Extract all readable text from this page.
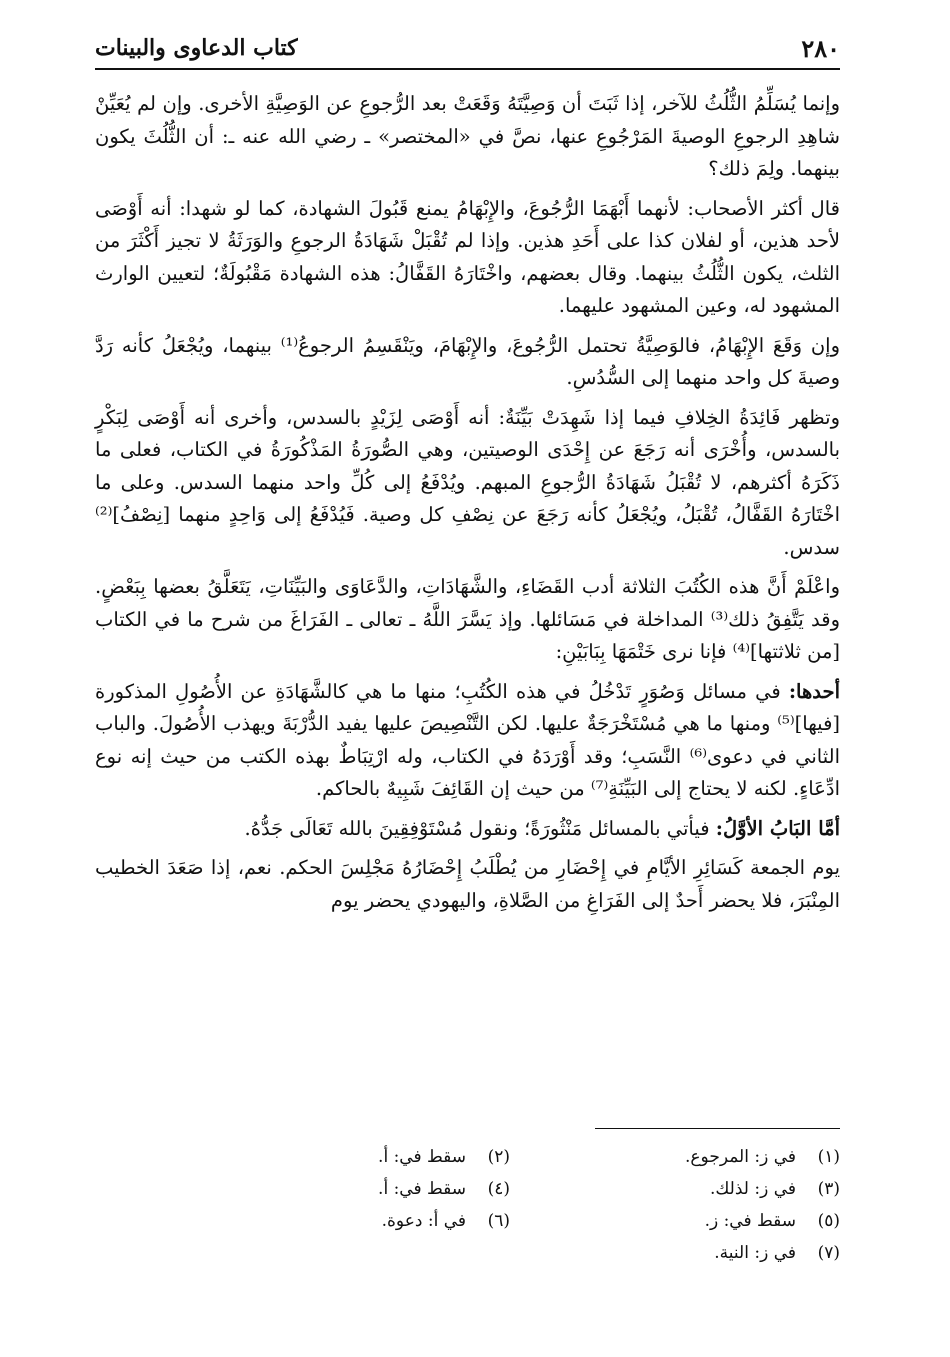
٢٨٠
كتاب الدعاوى والبينات

وإنما يُسَلِّمُ الثُّلُثُ للآخر، إذا ثَبَتَ أن وَصِيَّتَهُ وَقَعَتْ بعد الرُّجوعِ عن الوَصِيَّةِ الأخرى. وإن لم يُعَيِّنْ شاهِدِ الرجوعِ الوصيةَ المَرْجُوعِ عنها، نصَّ في «المختصر» ـ رضي الله عنه ـ: أن الثُّلُثَ يكون بينهما. ولِمَ ذلك؟

قال أكثر الأصحاب: لأنهما أَبْهَمَا الرُّجُوعَ، والإِبْهَامُ يمنع قَبُولَ الشهادة، كما لو شهدا: أنه أَوْصَى لأحد هذين، أو لفلان كذا على أَحَدِ هذين. وإذا لم تُقْبَلْ شَهَادَةُ الرجوعِ والوَرَثَةُ لا تجيز أَكْثَرَ من الثلث، يكون الثُّلُثُ بينهما. وقال بعضهم، واخْتَارَهُ القَفَّالُ: هذه الشهادة مَقْبُولَةٌ؛ لتعيين الوارث المشهود له، وعين المشهود عليهما.

وإن وَقَعَ الإِبْهَامُ، فالوَصِيَّةُ تحتمل الرُّجُوعَ، والإِبْهَامَ، ويَنْقَسِمُ الرجوعُ⁽¹⁾ بينهما، ويُجْعَلُ كأنه رَدَّ وصيةَ كل واحد منهما إلى السُّدُسِ.

وتظهر فَائِدَةُ الخِلافِ فيما إذا شَهِدَتْ بَيِّنَةٌ: أنه أَوْصَى لِزَيْدٍ بالسدس، وأخرى أنه أَوْصَى لِبَكْرٍ بالسدس، وأُخْرَى أنه رَجَعَ عن إِحْدَى الوصيتين، وهي الصُّورَةُ المَذْكُورَةُ في الكتاب، فعلى ما ذَكَرَهُ أكثرهم، لا تُقْبَلُ شَهَادَةُ الرُّجوعِ المبهم. ويُدْفَعُ إلى كُلِّ واحد منهما السدس. وعلى ما اخْتَارَهُ القَفَّالُ، تُقْبَلُ، ويُجْعَلُ كأنه رَجَعَ عن نِصْفِ كل وصية. فَيُدْفَعُ إلى وَاحِدٍ منهما [نِصْفُ]⁽²⁾ سدس.

واعْلَمْ أَنَّ هذه الكُتُبَ الثلاثة أدب القَضَاءِ، والشَّهَادَاتِ، والدَّعَاوَى والبَيِّنَاتِ، يَتَعَلَّقُ بعضها بِبَعْضٍ. وقد يَتَّفِقُ ذلك⁽³⁾ المداخلة في مَسَائلها. وإذ يَسَّرَ اللَّهُ ـ تعالى ـ الفَرَاغَ من شرح ما في الكتاب [من ثلاثتها]⁽⁴⁾ فإنا نرى خَتْمَهَا بِبَابَيْنِ:

أحدها: في مسائل وَصُوَرٍ تَدْخُلُ في هذه الكُتُبِ؛ منها ما هي كالشَّهَادَةِ عن الأُصُولِ المذكورة [فيها]⁽⁵⁾ ومنها ما هي مُسْتَخْرَجَةٌ عليها. لكن التَّنْصِيصَ عليها يفيد الدُّرْبَةَ ويهذب الأُصُولَ. والباب الثاني في دعوى⁽⁶⁾ النَّسَبِ؛ وقد أَوْرَدَهُ في الكتاب، وله ارْتِبَاطٌ بهذه الكتب من حيث إنه نوع ادِّعَاءٍ. لكنه لا يحتاج إلى البَيِّنَةِ⁽⁷⁾ من حيث إن القَائِفَ شَبِيهٌ بالحاكم.

أمَّا البَابُ الأوَّلُ: فيأتي بالمسائل مَنْثُورَةً؛ ونقول مُسْتَوْفِقِينَ بالله تَعَالَى جَدُّهُ.

يوم الجمعة كَسَائِرِ الأيَّامِ في إِحْضَارِ من يُطْلَبُ إِحْضَارُهُ مَجْلِسَ الحكم. نعم، إذا صَعَدَ الخطيب المِنْبَرَ، فلا يحضر أَحدٌ إلى الفَرَاغِ من الصَّلاةِ، واليهودي يحضر يوم

(١)
في ز: المرجوع.
(٢)
سقط في: أ.
(٣)
في ز: لذلك.
(٤)
سقط في: أ.
(٥)
سقط في: ز.
(٦)
في أ: دعوة.
(٧)
في ز: النية.
